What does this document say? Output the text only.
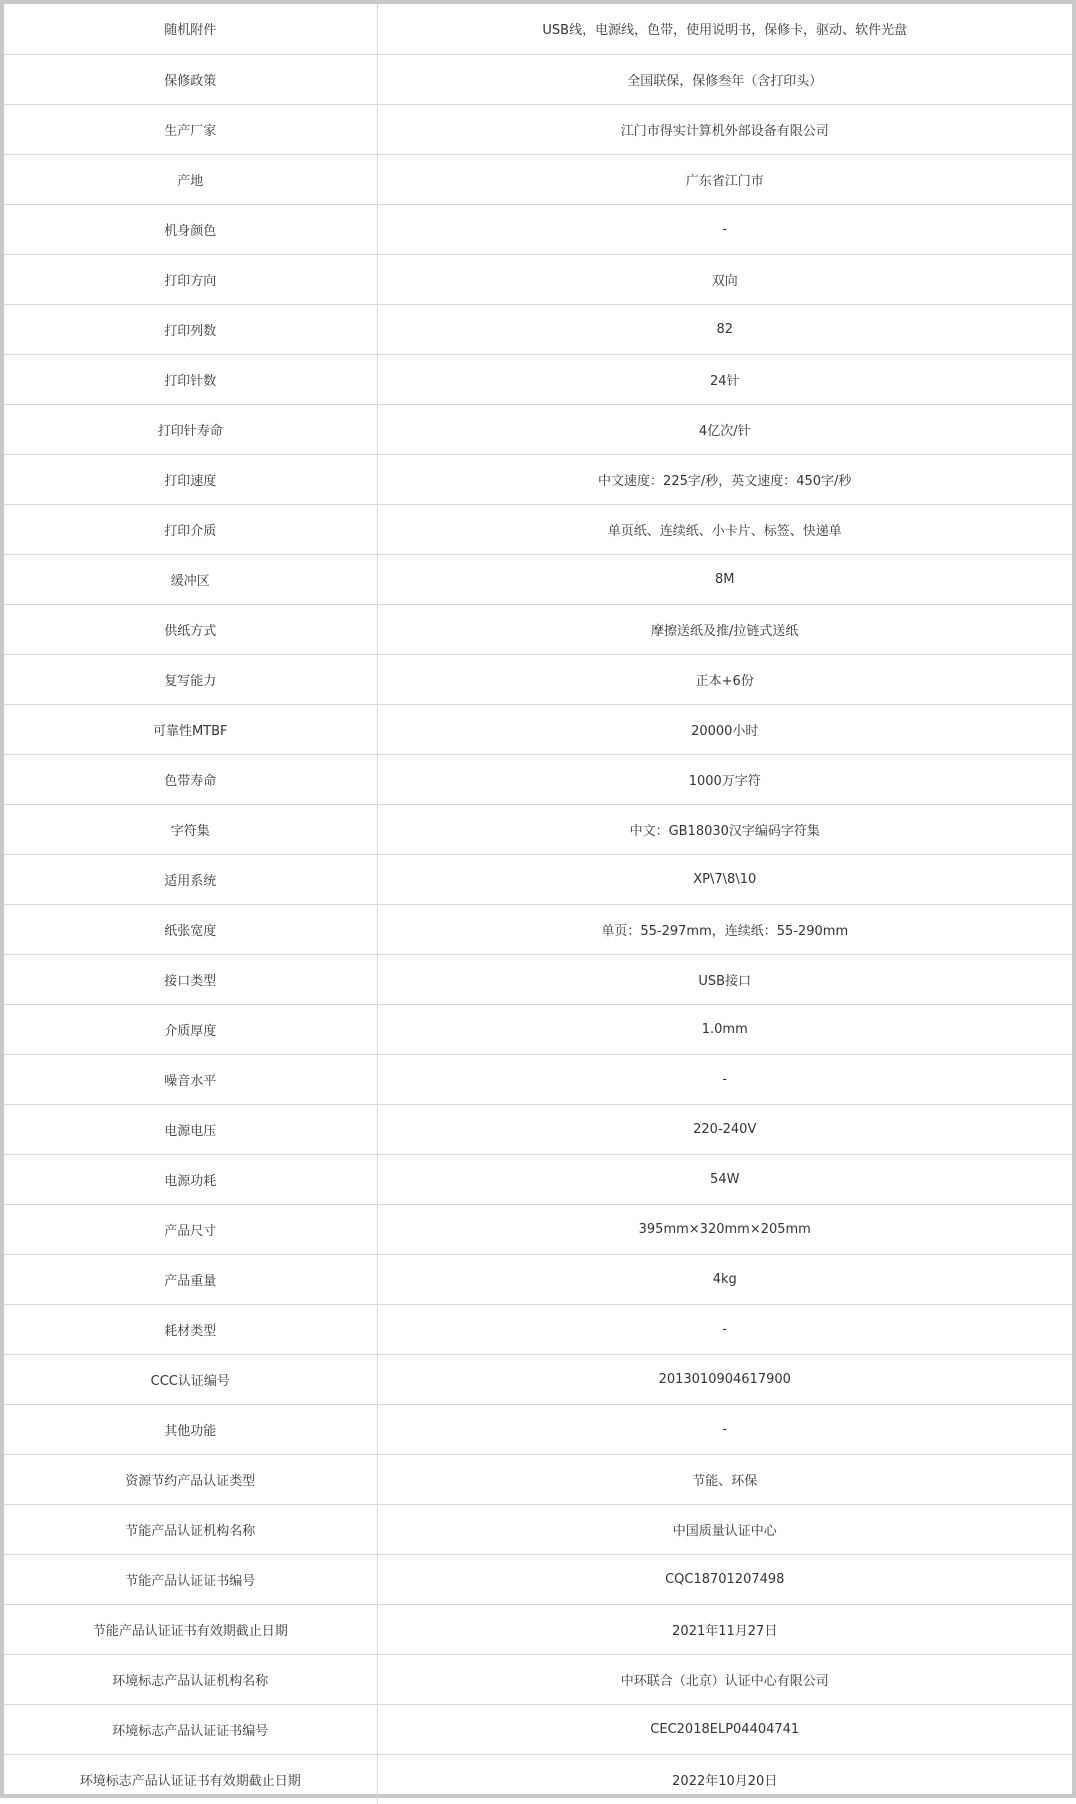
随机附件	USB线，电源线，色带，使用说明书，保修卡，驱动、软件光盘
保修政策	全国联保，保修叁年（含打印头）
生产厂家	江门市得实计算机外部设备有限公司
产地	广东省江门市
机身颜色	-
打印方向	双向
打印列数	82
打印针数	24针
打印针寿命	4亿次/针
打印速度	中文速度：225字/秒，英文速度：450字/秒
打印介质	单页纸、连续纸、小卡片、标签、快递单
缓冲区	8M
供纸方式	摩擦送纸及推/拉链式送纸
复写能力	正本+6份
可靠性MTBF	20000小时
色带寿命	1000万字符
字符集	中文：GB18030汉字编码字符集
适用系统	XP\7\8\10
纸张宽度	单页：55-297mm，连续纸：55-290mm
接口类型	USB接口
介质厚度	1.0mm
噪音水平	-
电源电压	220-240V
电源功耗	54W
产品尺寸	395mm×320mm×205mm
产品重量	4kg
耗材类型	-
CCC认证编号	2013010904617900
其他功能	-
资源节约产品认证类型	节能、环保
节能产品认证机构名称	中国质量认证中心
节能产品认证证书编号	CQC18701207498
节能产品认证证书有效期截止日期	2021年11月27日
环境标志产品认证机构名称	中环联合（北京）认证中心有限公司
环境标志产品认证证书编号	CEC2018ELP04404741
环境标志产品认证证书有效期截止日期	2022年10月20日
